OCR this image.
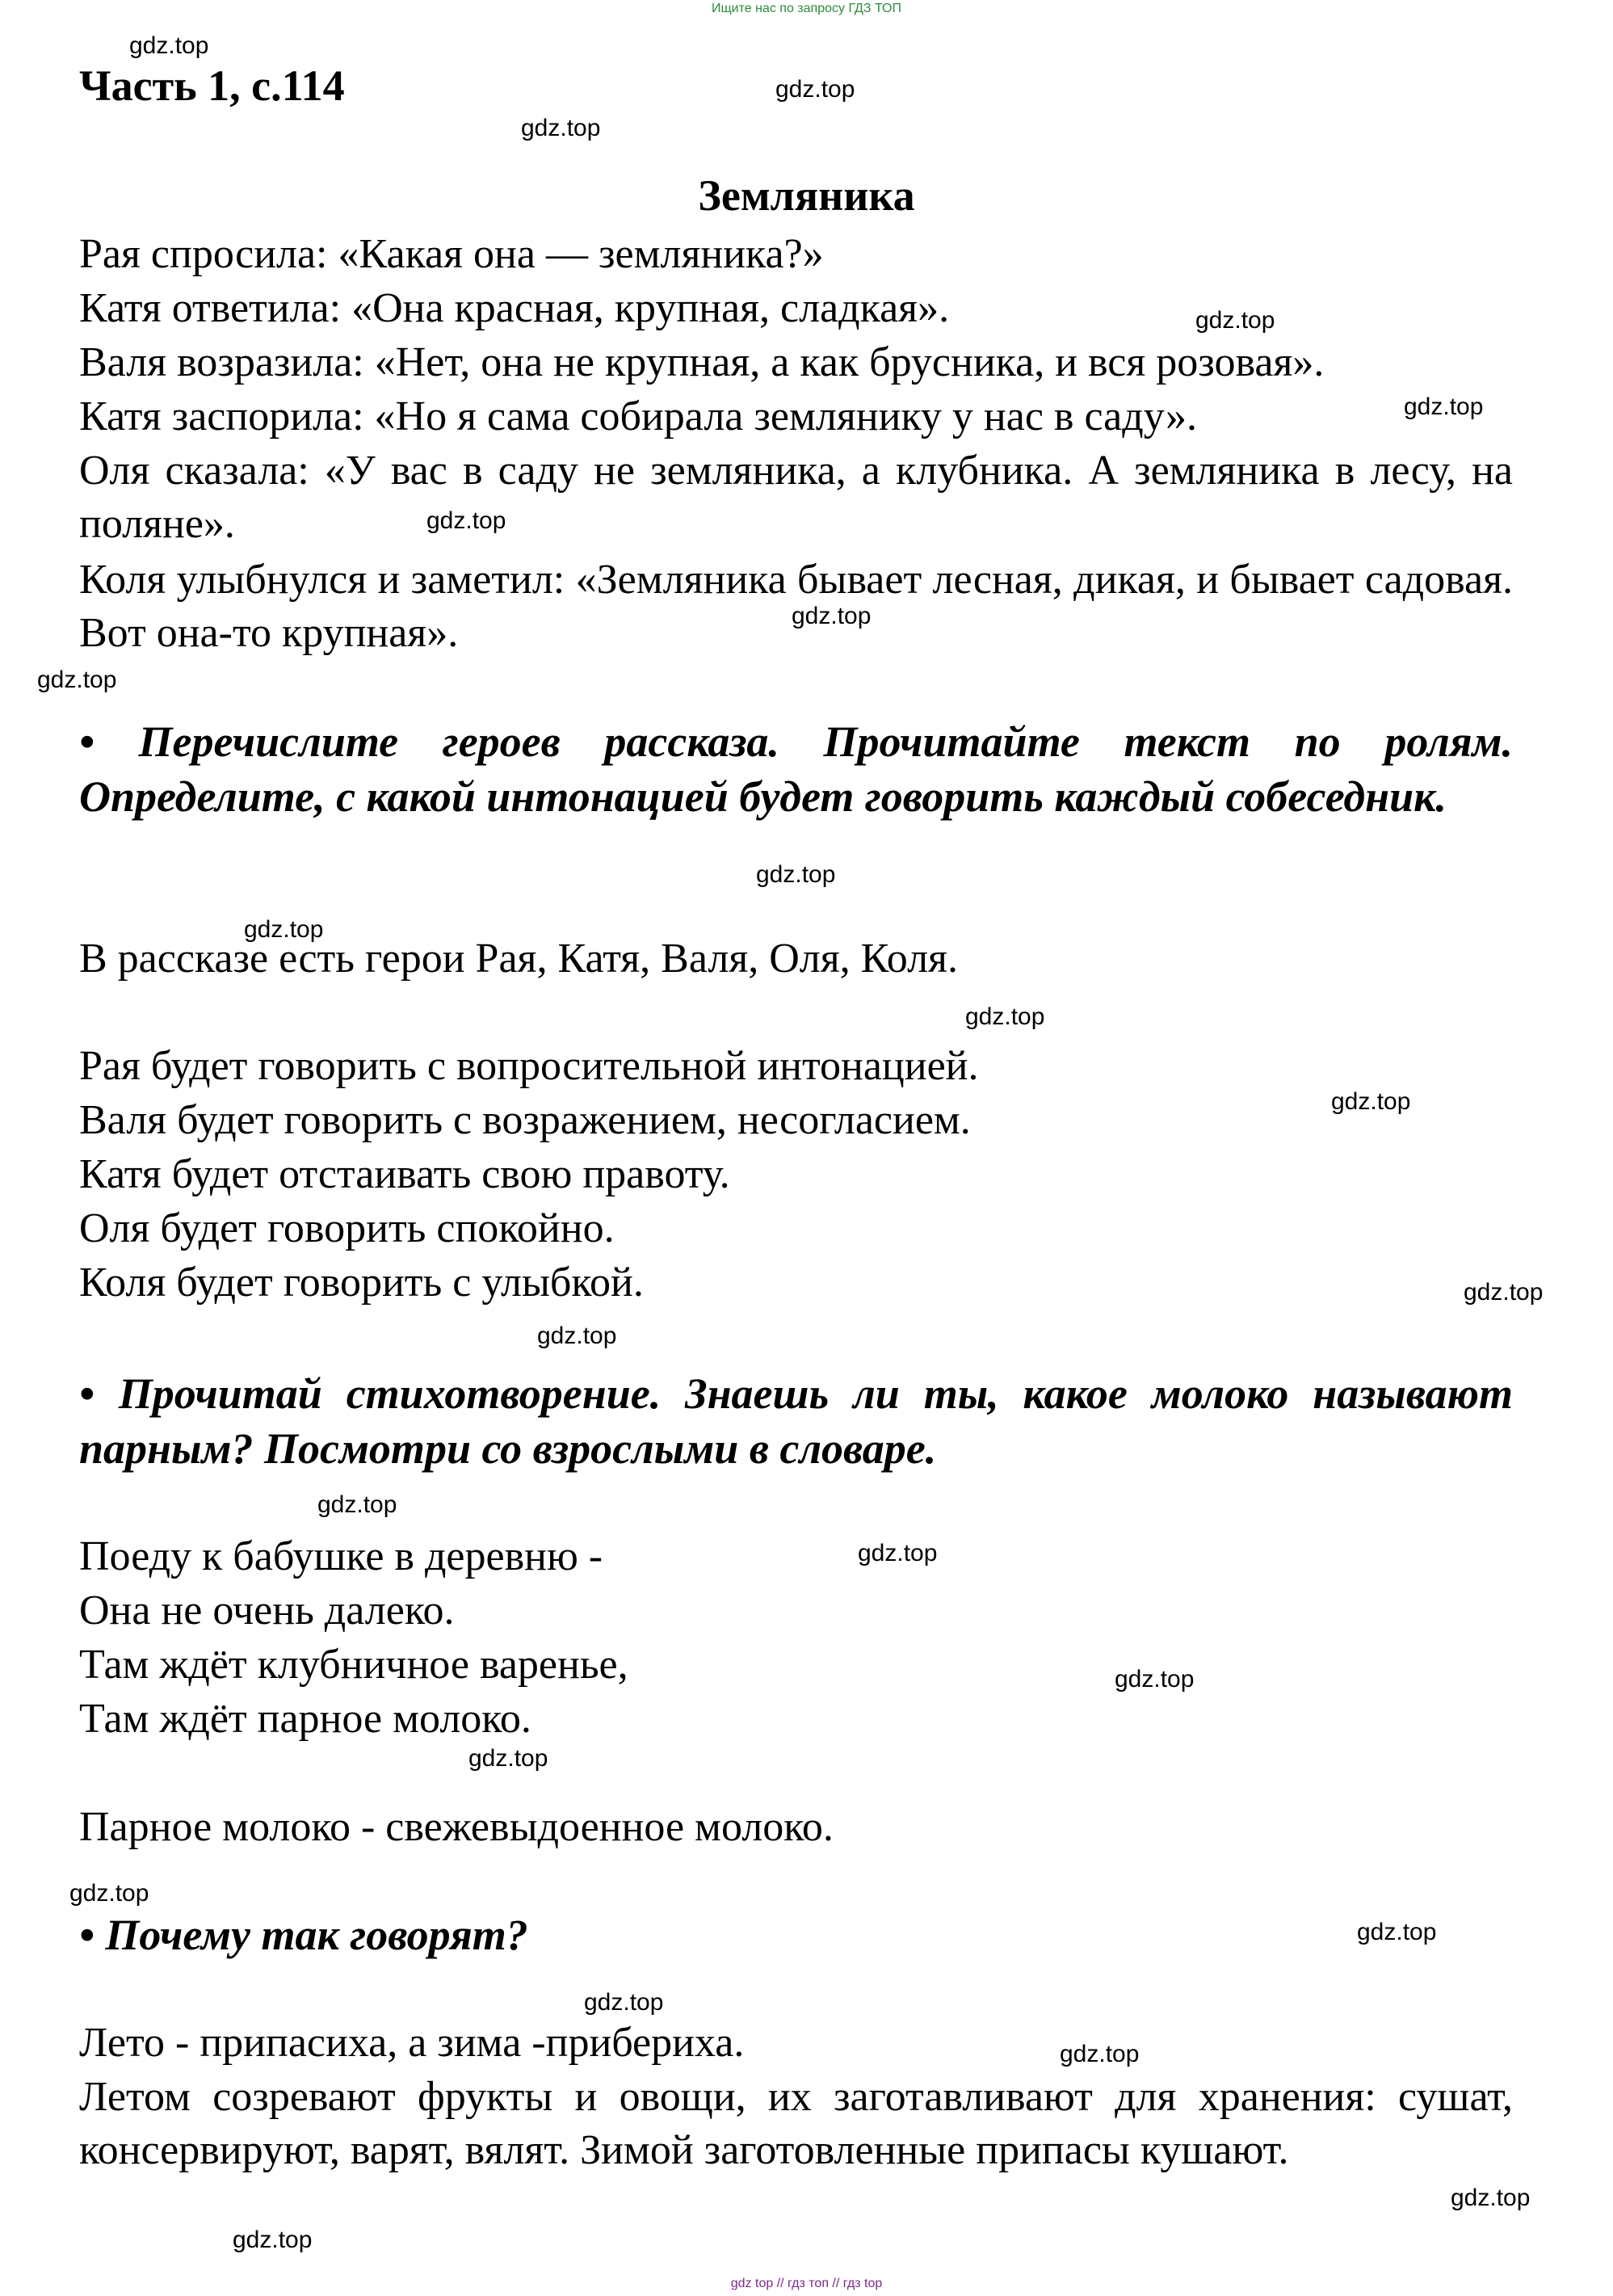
Ищите нас по запросу ГДЗ ТОП
Часть 1, с.114
Земляника
Рая спросила: «Какая она — земляника?»
Катя ответила: «Она красная, крупная, сладкая».
Валя возразила: «Нет, она не крупная, а как брусника, и вся розовая».
Катя заспорила: «Но я сама собирала землянику у нас в саду».
Оля сказала: «У вас в саду не земляника, а клубника. А земляника в лесу, на поляне».
Коля улыбнулся и заметил: «Земляника бывает лесная, дикая, и бывает садовая. Вот она-то крупная».
• Перечислите героев рассказа. Прочитайте текст по ролям. Определите, с какой интонацией будет говорить каждый собеседник.
В рассказе есть герои Рая, Катя, Валя, Оля, Коля.
Рая будет говорить с вопросительной интонацией.
Валя будет говорить с возражением, несогласием.
Катя будет отстаивать свою правоту.
Оля будет говорить спокойно.
Коля будет говорить с улыбкой.
• Прочитай стихотворение. Знаешь ли ты, какое молоко называют парным? Посмотри со взрослыми в словаре.
Поеду к бабушке в деревню -
Она не очень далеко.
Там ждёт клубничное варенье,
Там ждёт парное молоко.
Парное молоко - свежевыдоенное молоко.
• Почему так говорят?
Лето - припасиха, а зима -прибериха.
Летом созревают фрукты и овощи, их заготавливают для хранения: сушат, консервируют, варят, вялят. Зимой заготовленные припасы кушают.
gdz.top
gdz.top
gdz.top
gdz.top
gdz.top
gdz.top
gdz.top
gdz.top
gdz.top
gdz.top
gdz.top
gdz.top
gdz.top
gdz.top
gdz.top
gdz.top
gdz.top
gdz.top
gdz.top
gdz.top
gdz.top
gdz.top
gdz.top
gdz.top
gdz top // гдз топ // гдз top
